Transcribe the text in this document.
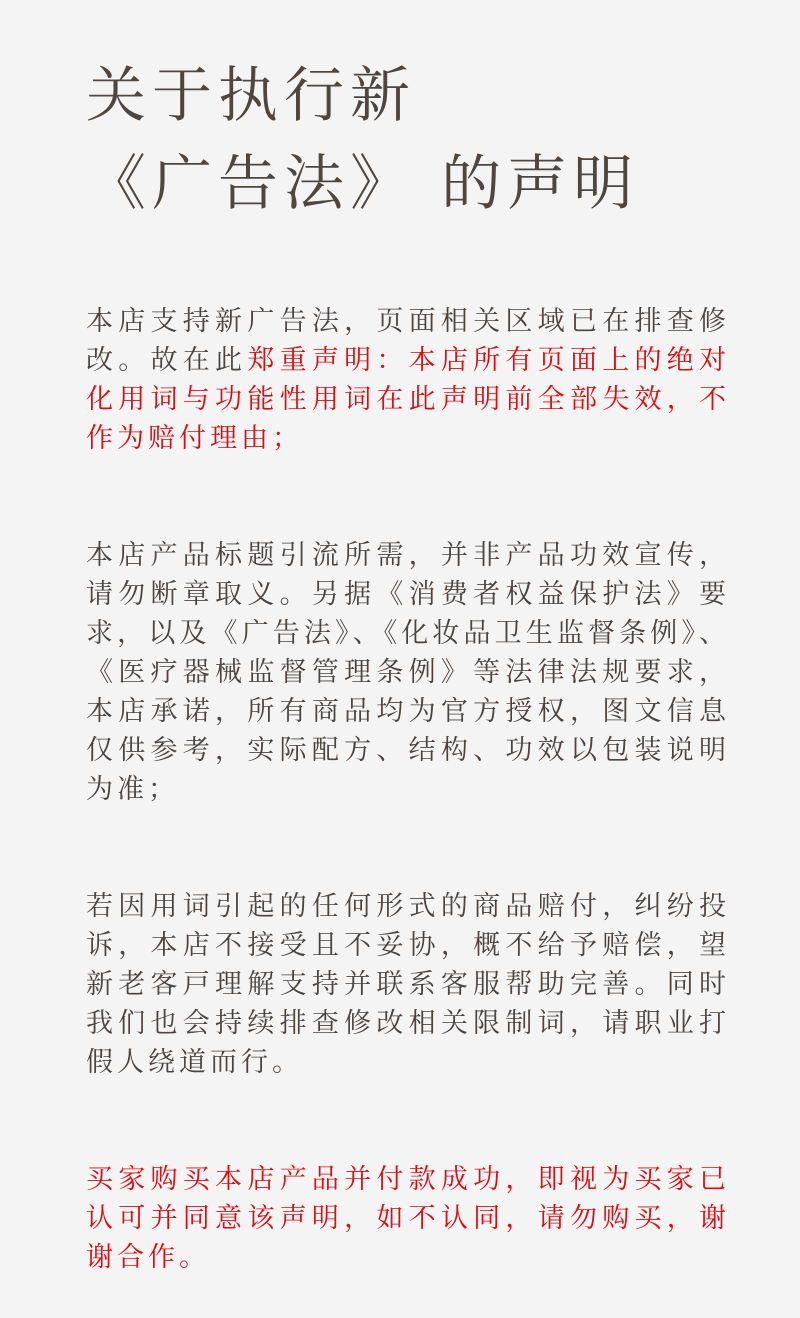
关于执行新
《广告法》 的声明

本店支持新广告法，页面相关区域已在排查修改。故在此郑重声明：本店所有页面上的绝对化用词与功能性用词在此声明前全部失效，不作为赔付理由；

本店产品标题引流所需，并非产品功效宣传，请勿断章取义。另据《消费者权益保护法》要求，以及《广告法》、《化妆品卫生监督条例》、《医疗器械监督管理条例》等法律法规要求，本店承诺，所有商品均为官方授权，图文信息仅供参考，实际配方、结构、功效以包装说明为准；

若因用词引起的任何形式的商品赔付，纠纷投诉，本店不接受且不妥协，概不给予赔偿，望新老客戸理解支持并联系客服帮助完善。同时我们也会持续排查修改相关限制词，请职业打假人绕道而行。

买家购买本店产品并付款成功，即视为买家已认可并同意该声明，如不认同，请勿购买，谢谢合作。
